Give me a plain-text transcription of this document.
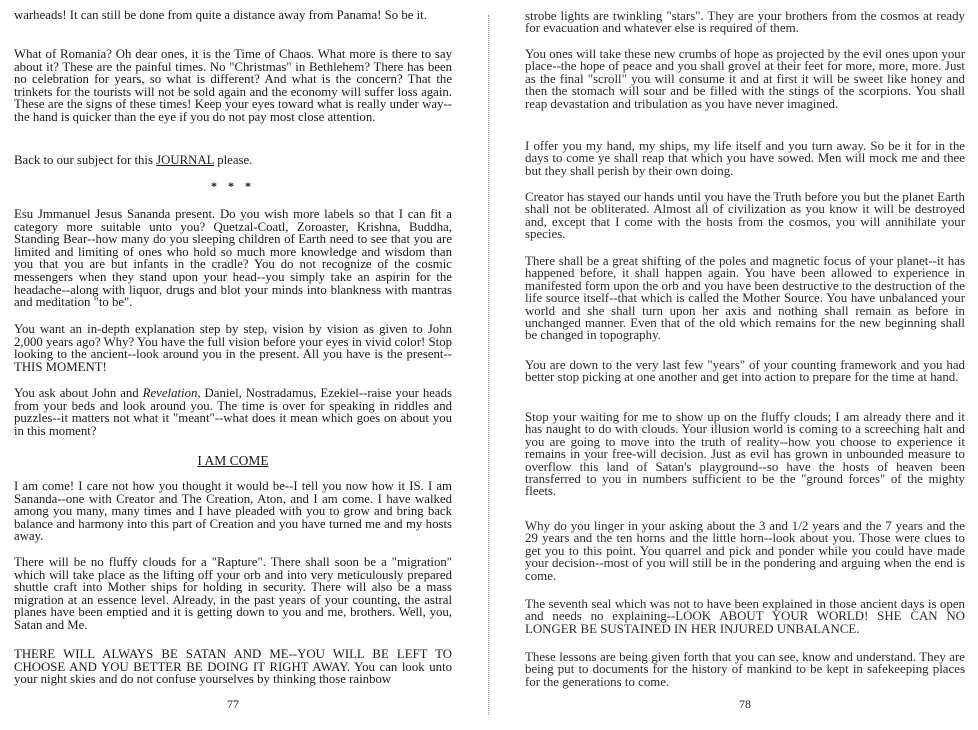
warheads! It can still be done from quite a distance away from Panama! So be it.

What of Romania? Oh dear ones, it is the Time of Chaos. What more is there to say about it? These are the painful times. No "Christmas" in Bethlehem? There has been no celebration for years, so what is different? And what is the concern? That the trinkets for the tourists will not be sold again and the economy will suffer loss again. These are the signs of these times! Keep your eyes toward what is really under way--the hand is quicker than the eye if you do not pay most close attention.

Back to our subject for this JOURNAL please.

* * *

Esu Jmmanuel Jesus Sananda present. Do you wish more labels so that I can fit a category more suitable unto you? Quetzal-Coatl, Zoroaster, Krishna, Buddha, Standing Bear--how many do you sleeping children of Earth need to see that you are limited and limiting of ones who hold so much more knowledge and wisdom than you that you are but infants in the cradle? You do not recognize of the cosmic messengers when they stand upon your head--you simply take an aspirin for the headache--along with liquor, drugs and blot your minds into blankness with mantras and meditation "to be".

You want an in-depth explanation step by step, vision by vision as given to John 2,000 years ago? Why? You have the full vision before your eyes in vivid color! Stop looking to the ancient--look around you in the present. All you have is the present--THIS MOMENT!

You ask about John and Revelation, Daniel, Nostradamus, Ezekiel--raise your heads from your beds and look around you. The time is over for speaking in riddles and puzzles--it matters not what it "meant"--what does it mean which goes on about you in this moment?

I AM COME

I am come! I care not how you thought it would be--I tell you now how it IS. I am Sananda--one with Creator and The Creation, Aton, and I am come. I have walked among you many, many times and I have pleaded with you to grow and bring back balance and harmony into this part of Creation and you have turned me and my hosts away.

There will be no fluffy clouds for a "Rapture". There shall soon be a "migration" which will take place as the lifting off your orb and into very meticulously prepared shuttle craft into Mother ships for holding in security. There will also be a mass migration at an essence level. Already, in the past years of your counting, the astral planes have been emptied and it is getting down to you and me, brothers. Well, you, Satan and Me.

THERE WILL ALWAYS BE SATAN AND ME--YOU WILL BE LEFT TO CHOOSE AND YOU BETTER BE DOING IT RIGHT AWAY. You can look unto your night skies and do not confuse yourselves by thinking those rainbow

77

strobe lights are twinkling "stars". They are your brothers from the cosmos at ready for evacuation and whatever else is required of them.

You ones will take these new crumbs of hope as projected by the evil ones upon your place--the hope of peace and you shall grovel at their feet for more, more, more. Just as the final "scroll" you will consume it and at first it will be sweet like honey and then the stomach will sour and be filled with the stings of the scorpions. You shall reap devastation and tribulation as you have never imagined.

I offer you my hand, my ships, my life itself and you turn away. So be it for in the days to come ye shall reap that which you have sowed. Men will mock me and thee but they shall perish by their own doing.

Creator has stayed our hands until you have the Truth before you but the planet Earth shall not be obliterated. Almost all of civilization as you know it will be destroyed and, except that I come with the hosts from the cosmos, you will annihilate your species.

There shall be a great shifting of the poles and magnetic focus of your planet--it has happened before, it shall happen again. You have been allowed to experience in manifested form upon the orb and you have been destructive to the destruction of the life source itself--that which is called the Mother Source. You have unbalanced your world and she shall turn upon her axis and nothing shall remain as before in unchanged manner. Even that of the old which remains for the new beginning shall be changed in topography.

You are down to the very last few "years" of your counting framework and you had better stop picking at one another and get into action to prepare for the time at hand.

Stop your waiting for me to show up on the fluffy clouds; I am already there and it has naught to do with clouds. Your illusion world is coming to a screeching halt and you are going to move into the truth of reality--how you choose to experience it remains in your free-will decision. Just as evil has grown in unbounded measure to overflow this land of Satan's playground--so have the hosts of heaven been transferred to you in numbers sufficient to be the "ground forces" of the mighty fleets.

Why do you linger in your asking about the 3 and 1/2 years and the 7 years and the 29 years and the ten horns and the little horn--look about you. Those were clues to get you to this point. You quarrel and pick and ponder while you could have made your decision--most of you will still be in the pondering and arguing when the end is come.

The seventh seal which was not to have been explained in those ancient days is open and needs no explaining--LOOK ABOUT YOUR WORLD! SHE CAN NO LONGER BE SUSTAINED IN HER INJURED UNBALANCE.

These lessons are being given forth that you can see, know and understand. They are being put to documents for the history of mankind to be kept in safekeeping places for the generations to come.

78
